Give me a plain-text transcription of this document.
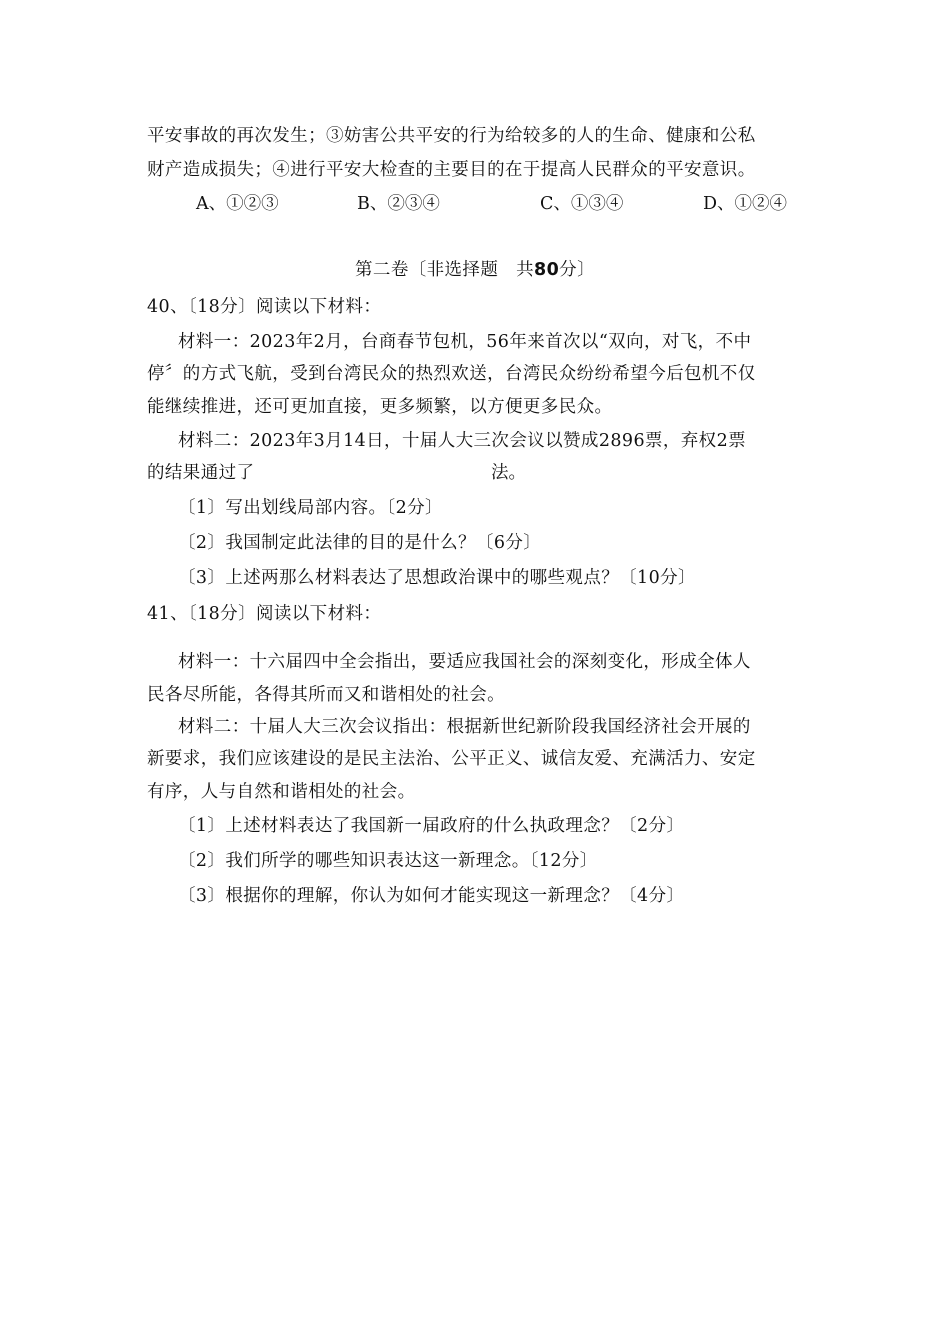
平安事故的再次发生；③妨害公共平安的行为给较多的人的生命、健康和公私
财产造成损失；④进行平安大检查的主要目的在于提高人民群众的平安意识。
A、①②③	B、②③④	C、①③④	D、①②④
第二卷〔非选择题　共80分〕
40、〔18分〕阅读以下材料：
材料一：2023年2月，台商春节包机，56年来首次以“双向，对飞，不中
停〞的方式飞航，受到台湾民众的热烈欢送，台湾民众纷纷希望今后包机不仅
能继续推进，还可更加直接，更多频繁，以方便更多民众。
材料二：2023年3月14日，十届人大三次会议以赞成2896票，弃权2票
的结果通过了	法。
〔1〕写出划线局部内容。〔2分〕
〔2〕我国制定此法律的目的是什么？〔6分〕
〔3〕上述两那么材料表达了思想政治课中的哪些观点？〔10分〕
41、〔18分〕阅读以下材料：
材料一：十六届四中全会指出，要适应我国社会的深刻变化，形成全体人
民各尽所能，各得其所而又和谐相处的社会。
材料二：十届人大三次会议指出：根据新世纪新阶段我国经济社会开展的
新要求，我们应该建设的是民主法治、公平正义、诚信友爱、充满活力、安定
有序，人与自然和谐相处的社会。
〔1〕上述材料表达了我国新一届政府的什么执政理念？〔2分〕
〔2〕我们所学的哪些知识表达这一新理念。〔12分〕
〔3〕根据你的理解，你认为如何才能实现这一新理念？〔4分〕
